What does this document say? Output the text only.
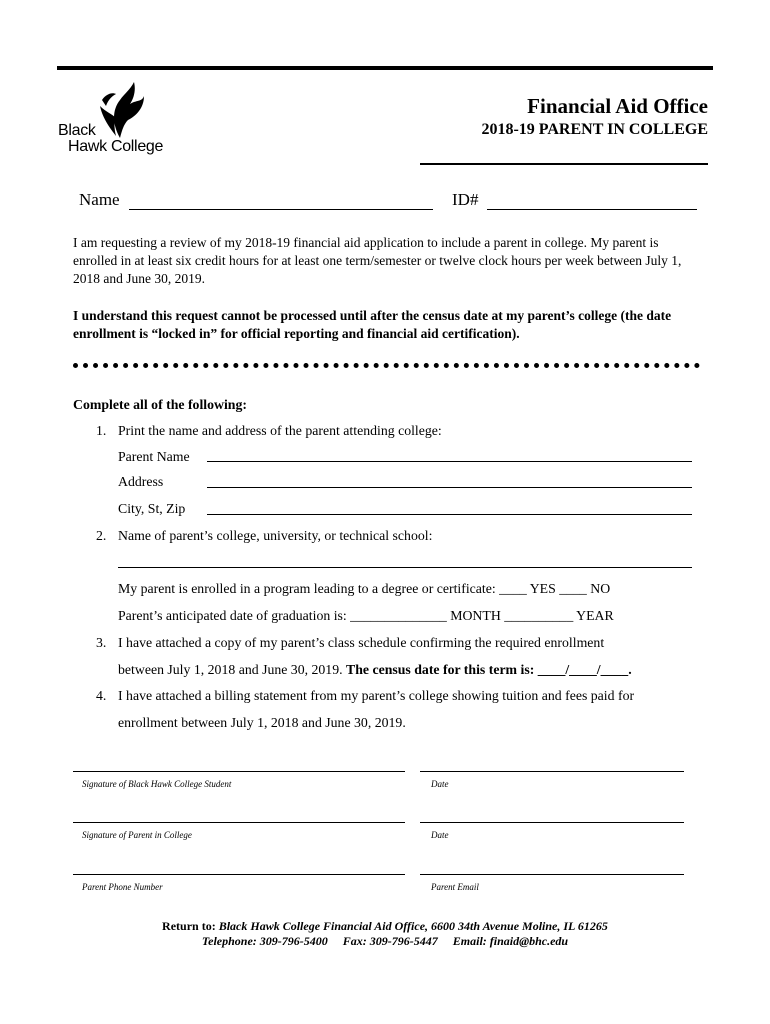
Black
Hawk College
Financial Aid Office
2018-19 PARENT IN COLLEGE
Name	ID#
I am requesting a review of my 2018-19 financial aid application to include a parent in college. My parent is enrolled in at least six credit hours for at least one term/semester or twelve clock hours per week between July 1, 2018 and June 30, 2019.
I understand this request cannot be processed until after the census date at my parent’s college (the date enrollment is “locked in” for official reporting and financial aid certification).
Complete all of the following:
1. Print the name and address of the parent attending college:
Parent Name
Address
City, St, Zip
2. Name of parent’s college, university, or technical school:
My parent is enrolled in a program leading to a degree or certificate: ____ YES ____ NO
Parent’s anticipated date of graduation is: ______________ MONTH __________ YEAR
3. I have attached a copy of my parent’s class schedule confirming the required enrollment
between July 1, 2018 and June 30, 2019. The census date for this term is: ____/____/____.
4. I have attached a billing statement from my parent’s college showing tuition and fees paid for
enrollment between July 1, 2018 and June 30, 2019.
Signature of Black Hawk College Student	Date
Signature of Parent in College	Date
Parent Phone Number	Parent Email
Return to: Black Hawk College Financial Aid Office, 6600 34th Avenue Moline, IL 61265
Telephone: 309-796-5400 Fax: 309-796-5447 Email: finaid@bhc.edu
